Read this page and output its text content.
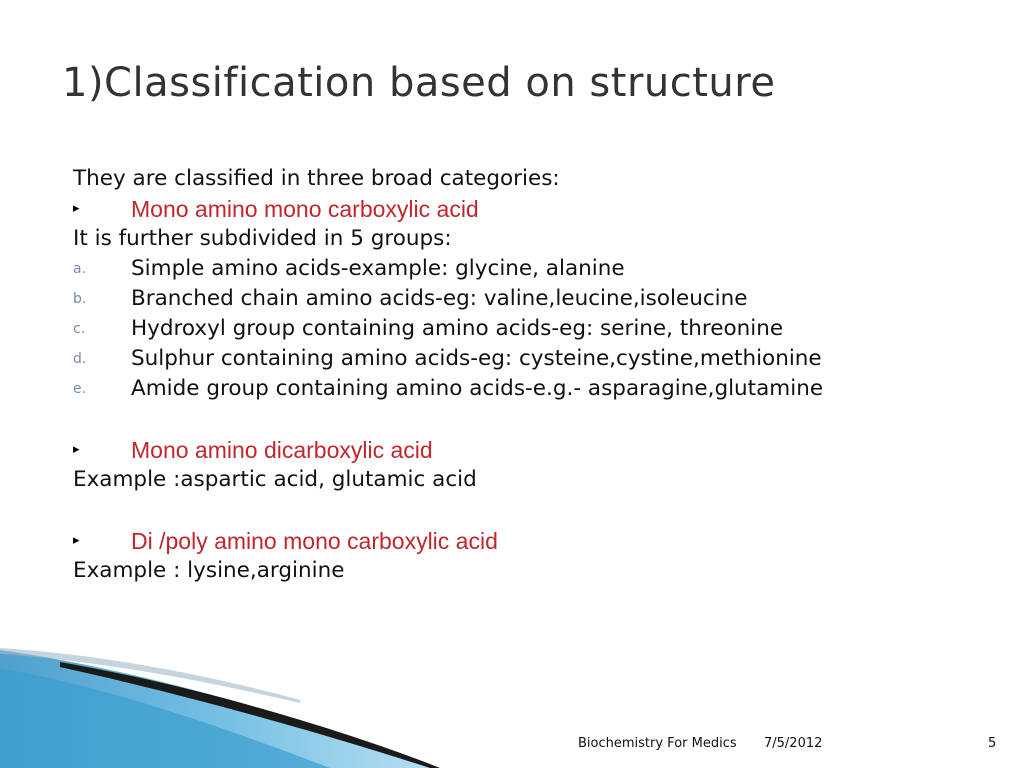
1)Classification based on structure
They are classified in three broad categories:
▸ Mono amino mono carboxylic acid
It is further subdivided in 5 groups:
a. Simple amino acids-example: glycine, alanine
b. Branched chain amino acids-eg: valine,leucine,isoleucine
c. Hydroxyl group containing amino acids-eg: serine, threonine
d. Sulphur containing amino acids-eg: cysteine,cystine,methionine
e. Amide group containing amino acids-e.g.- asparagine,glutamine
▸ Mono amino dicarboxylic acid
Example :aspartic acid, glutamic acid
▸ Di /poly amino mono carboxylic acid
Example : lysine,arginine
Biochemistry For Medics 7/5/2012	5
